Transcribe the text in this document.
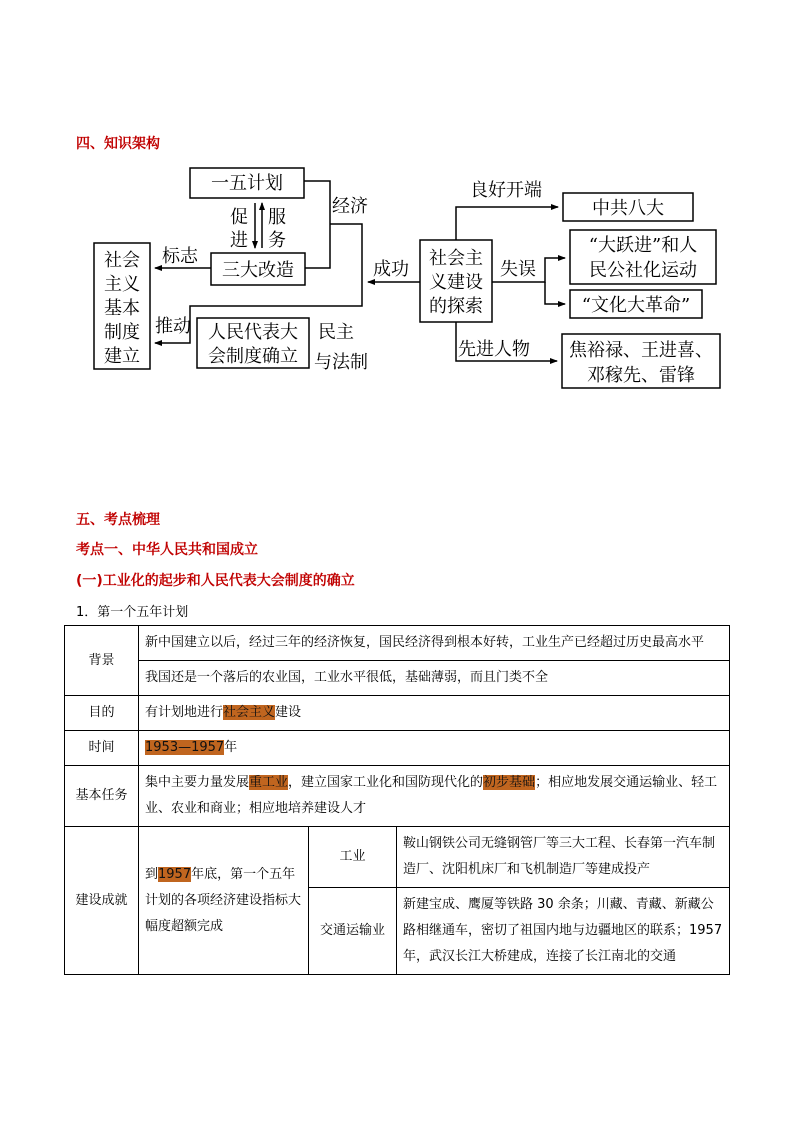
四、知识架构
一五计划
促
进
服
务
经济
三大改造
标志
社会
主义
基本
制度
建立
推动 人民代表大
会制度确立
民主
与法制
成功
社会主
义建设
的探索
良好开端
中共八大
失误
“大跃进”和人
民公社化运动
“文化大革命”
先进人物 焦裕禄、王进喜、
邓稼先、雷锋
五、考点梳理
考点一、中华人民共和国成立
(一)工业化的起步和人民代表大会制度的确立
1．第一个五年计划
背景	新中国建立以后，经过三年的经济恢复，国民经济得到根本好转，工业生产已经超过历史最高水平		
	我国还是一个落后的农业国，工业水平很低，基础薄弱，而且门类不全		
目的	有计划地进行社会主义建设		
时间	1953—1957年		
基本任务	集中主要力量发展重工业，建立国家工业化和国防现代化的初步基础；相应地发展交通运输业、轻工业、农业和商业；相应地培养建设人才		
建设成就	到1957年底，第一个五年计划的各项经济建设指标大幅度超额完成	工业	鞍山钢铁公司无缝钢管厂等三大工程、长春第一汽车制造厂、沈阳机床厂和飞机制造厂等建成投产
		交通运输业	新建宝成、鹰厦等铁路 30 余条；川藏、青藏、新藏公路相继通车，密切了祖国内地与边疆地区的联系；1957 年，武汉长江大桥建成，连接了长江南北的交通
